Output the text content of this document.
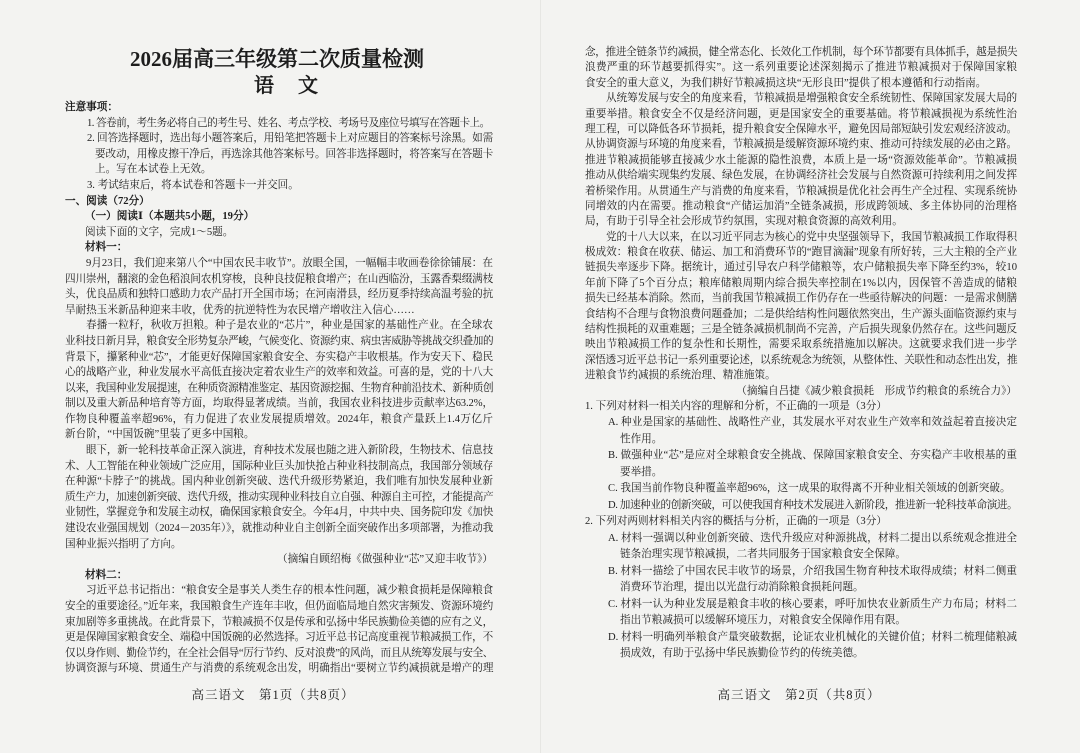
2026届高三年级第二次质量检测
语　文
注意事项：
1. 答卷前，考生务必将自己的考生号、姓名、考点学校、考场号及座位号填写在答题卡上。
2. 回答选择题时，选出每小题答案后，用铅笔把答题卡上对应题目的答案标号涂黑。如需
要改动，用橡皮擦干净后，再选涂其他答案标号。回答非选择题时，将答案写在答题卡
上。写在本试卷上无效。
3. 考试结束后，将本试卷和答题卡一并交回。
一、阅读（72分）
（一）阅读Ⅰ（本题共5小题，19分）
阅读下面的文字，完成1～5题。
材料一：
9月23日，我们迎来第八个“中国农民丰收节”。放眼全国，一幅幅丰收画卷徐徐铺展：在
四川崇州，翻滚的金色稻浪间农机穿梭，良种良技促粮食增产；在山西临汾，玉露香梨缀满枝
头，优良品质和独特口感助力农产品打开全国市场；在河南滑县，经历夏季持续高温考验的抗
旱耐热玉米新品种迎来丰收，优秀的抗逆特性为农民增产增收注入信心……
春播一粒籽，秋收万担粮。种子是农业的“芯片”，种业是国家的基础性产业。在全球农
业科技日新月异，粮食安全形势复杂严峻，气候变化、资源约束、病虫害威胁等挑战交织叠加的
背景下，攥紧种业“芯”，才能更好保障国家粮食安全、夯实稳产丰收根基。作为安天下、稳民
心的战略产业，种业发展水平高低直接决定着农业生产的效率和效益。可喜的是，党的十八大
以来，我国种业发展提速，在种质资源精准鉴定、基因资源挖掘、生物育种前沿技术、新种质创
制以及重大新品种培育等方面，均取得显著成绩。当前，我国农业科技进步贡献率达63.2%，
作物良种覆盖率超96%，有力促进了农业发展提质增效。2024年，粮食产量跃上1.4万亿斤
新台阶，“中国饭碗”里装了更多中国粮。
眼下，新一轮科技革命正深入演进，育种技术发展也随之进入新阶段，生物技术、信息技
术、人工智能在种业领域广泛应用，国际种业巨头加快抢占种业科技制高点，我国部分领域存
在种源“卡脖子”的挑战。国内种业创新突破、迭代升级形势紧迫，我们唯有加快发展种业新
质生产力，加速创新突破、迭代升级，推动实现种业科技自立自强、种源自主可控，才能提高产
业韧性，掌握竞争和发展主动权，确保国家粮食安全。今年4月，中共中央、国务院印发《加快
建设农业强国规划（2024－2035年）》，就推动种业自主创新全面突破作出多项部署，为推动我
国种业振兴指明了方向。
（摘编自顾绍梅《做强种业“芯”又迎丰收节》）
材料二：
习近平总书记指出：“粮食安全是事关人类生存的根本性问题，减少粮食损耗是保障粮食
安全的重要途径。”近年来，我国粮食生产连年丰收，但仍面临局地自然灾害频发、资源环境约
束加剧等多重挑战。在此背景下，节粮减损不仅是传承和弘扬中华民族勤俭美德的应有之义，
更是保障国家粮食安全、端稳中国饭碗的必然选择。习近平总书记高度重视节粮减损工作，不
仅以身作则、勤俭节约，在全社会倡导“厉行节约、反对浪费”的风尚，而且从统筹发展与安全、
协调资源与环境、贯通生产与消费的系统观念出发，明确指出“要树立节约减损就是增产的理
高三语文　第1页（共8页）
念，推进全链条节约减损，健全常态化、长效化工作机制，每个环节都要有具体抓手，越是损失
浪费严重的环节越要抓得实”。这一系列重要论述深刻揭示了推进节粮减损对于保障国家粮
食安全的重大意义，为我们耕好节粮减损这块“无形良田”提供了根本遵循和行动指南。
从统筹发展与安全的角度来看，节粮减损是增强粮食安全系统韧性、保障国家发展大局的
重要举措。粮食安全不仅是经济问题，更是国家安全的重要基础。将节粮减损视为系统性治
理工程，可以降低各环节损耗，提升粮食安全保障水平，避免因局部短缺引发宏观经济波动。
从协调资源与环境的角度来看，节粮减损是缓解资源环境约束、推动可持续发展的必由之路。
推进节粮减损能够直接减少水土能源的隐性浪费，本质上是一场“资源效能革命”。节粮减损
推动从供给端实现集约发展、绿色发展，在协调经济社会发展与自然资源可持续利用之间发挥
着桥梁作用。从贯通生产与消费的角度来看，节粮减损是优化社会再生产全过程、实现系统协
同增效的内在需要。推动粮食“产储运加消”全链条减损，形成跨领域、多主体协同的治理格
局，有助于引导全社会形成节约氛围，实现对粮食资源的高效利用。
党的十八大以来，在以习近平同志为核心的党中央坚强领导下，我国节粮减损工作取得积
极成效：粮食在收获、储运、加工和消费环节的“跑冒滴漏”现象有所好转，三大主粮的全产业
链损失率逐步下降。据统计，通过引导农户科学储粮等，农户储粮损失率下降至约3%，较10
年前下降了5个百分点；粮库储粮周期内综合损失率控制在1%以内，因保管不善造成的储粮
损失已经基本消除。然而，当前我国节粮减损工作仍存在一些亟待解决的问题：一是需求侧膳
食结构不合理与食物浪费问题叠加；二是供给结构性问题依然突出，生产源头面临资源约束与
结构性损耗的双重难题；三是全链条减损机制尚不完善，产后损失现象仍然存在。这些问题反
映出节粮减损工作的复杂性和长期性，需要采取系统措施加以解决。这就要求我们进一步学
深悟透习近平总书记一系列重要论述，以系统观念为统领，从整体性、关联性和动态性出发，推
进粮食节约减损的系统治理、精准施策。
（摘编自吕捷《减少粮食损耗　形成节约粮食的系统合力》）
1. 下列对材料一相关内容的理解和分析，不正确的一项是（3分）
A. 种业是国家的基础性、战略性产业，其发展水平对农业生产效率和效益起着直接决定
性作用。
B. 做强种业“芯”是应对全球粮食安全挑战、保障国家粮食安全、夯实稳产丰收根基的重
要举措。
C. 我国当前作物良种覆盖率超96%，这一成果的取得离不开种业相关领域的创新突破。
D. 加速种业的创新突破，可以使我国育种技术发展进入新阶段，推进新一轮科技革命演进。
2. 下列对两则材料相关内容的概括与分析，正确的一项是（3分）
A. 材料一强调以种业创新突破、迭代升级应对种源挑战，材料二提出以系统观念推进全
链条治理实现节粮减损，二者共同服务于国家粮食安全保障。
B. 材料一描绘了中国农民丰收节的场景，介绍我国生物育种技术取得成绩；材料二侧重
消费环节治理，提出以光盘行动消除粮食损耗问题。
C. 材料一认为种业发展是粮食丰收的核心要素，呼吁加快农业新质生产力布局；材料二
指出节粮减损可以缓解环境压力，对粮食安全保障作用有限。
D. 材料一明确列举粮食产量突破数据，论证农业机械化的关键价值；材料二梳理储粮减
损成效，有助于弘扬中华民族勤俭节约的传统美德。
高三语文　第2页（共8页）
